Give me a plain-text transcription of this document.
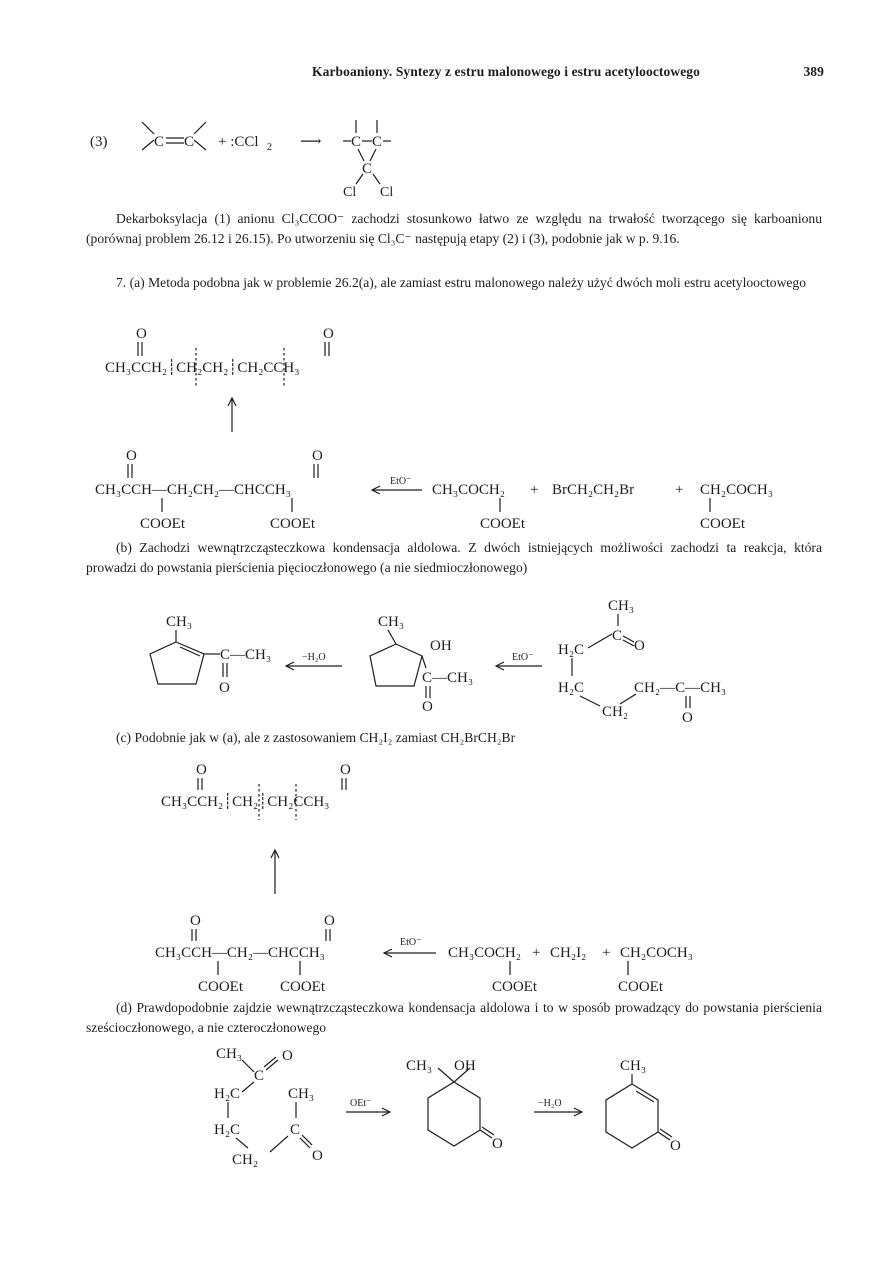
Karboaniony. Syntezy z estru malonowego i estru acetylooctowego	389
(3)	C C + :CCl 2 ⟶ C C
C
Cl Cl
Dekarboksylacja (1) anionu Cl₃CCOO⁻ zachodzi stosunkowo łatwo ze względu na trwałość tworzącego się karboanionu (porównaj problem 26.12 i 26.15). Po utworzeniu się Cl₃C⁻ następują etapy (2) i (3), podobnie jak w p. 9.16.
7. (a) Metoda podobna jak w problemie 26.2(a), ale zamiast estru malonowego należy użyć dwóch moli estru acetylooctowego
O	O
CH₃CCH₂┊CH₂CH₂┊CH₂CCH₃
O	O
CH₃CCH—CH₂CH₂—CHCCH₃
COOEt	COOEt
EtO⁻
CH₃COCH₂
COOEt
+ BrCH₂CH₂Br	+ CH₂COCH₃
COOEt
(b) Zachodzi wewnątrzcząsteczkowa kondensacja aldolowa. Z dwóch istniejących możliwości zachodzi ta reakcja, która prowadzi do powstania pierścienia pięcioczłonowego (a nie siedmioczłonowego)
CH₃
C—CH₃
O
−H₂O
CH₃
OH
C—CH₃
O
EtO⁻
CH₃
C
O
H₂C
H₂C
CH₂
CH₂—C—CH₃
O
(c) Podobnie jak w (a), ale z zastosowaniem CH₂I₂ zamiast CH₂BrCH₂Br
O	O
CH₃CCH₂┊CH₂┊CH₂CCH₃
O	O
CH₃CCH—CH₂—CHCCH₃
COOEt COOEt
EtO⁻
CH₃COCH₂
COOEt
+ CH₂I₂ + CH₂COCH₃
COOEt
(d) Prawdopodobnie zajdzie wewnątrzcząsteczkowa kondensacja aldolowa i to w sposób prowadzący do powstania pierścienia sześcioczłonowego, a nie czteroczłonowego
CH₃
C
O
H₂C
H₂C
CH₂
CH₃
C
O
OEt⁻
CH₃ OH
O
−H₂O
CH₃
O
